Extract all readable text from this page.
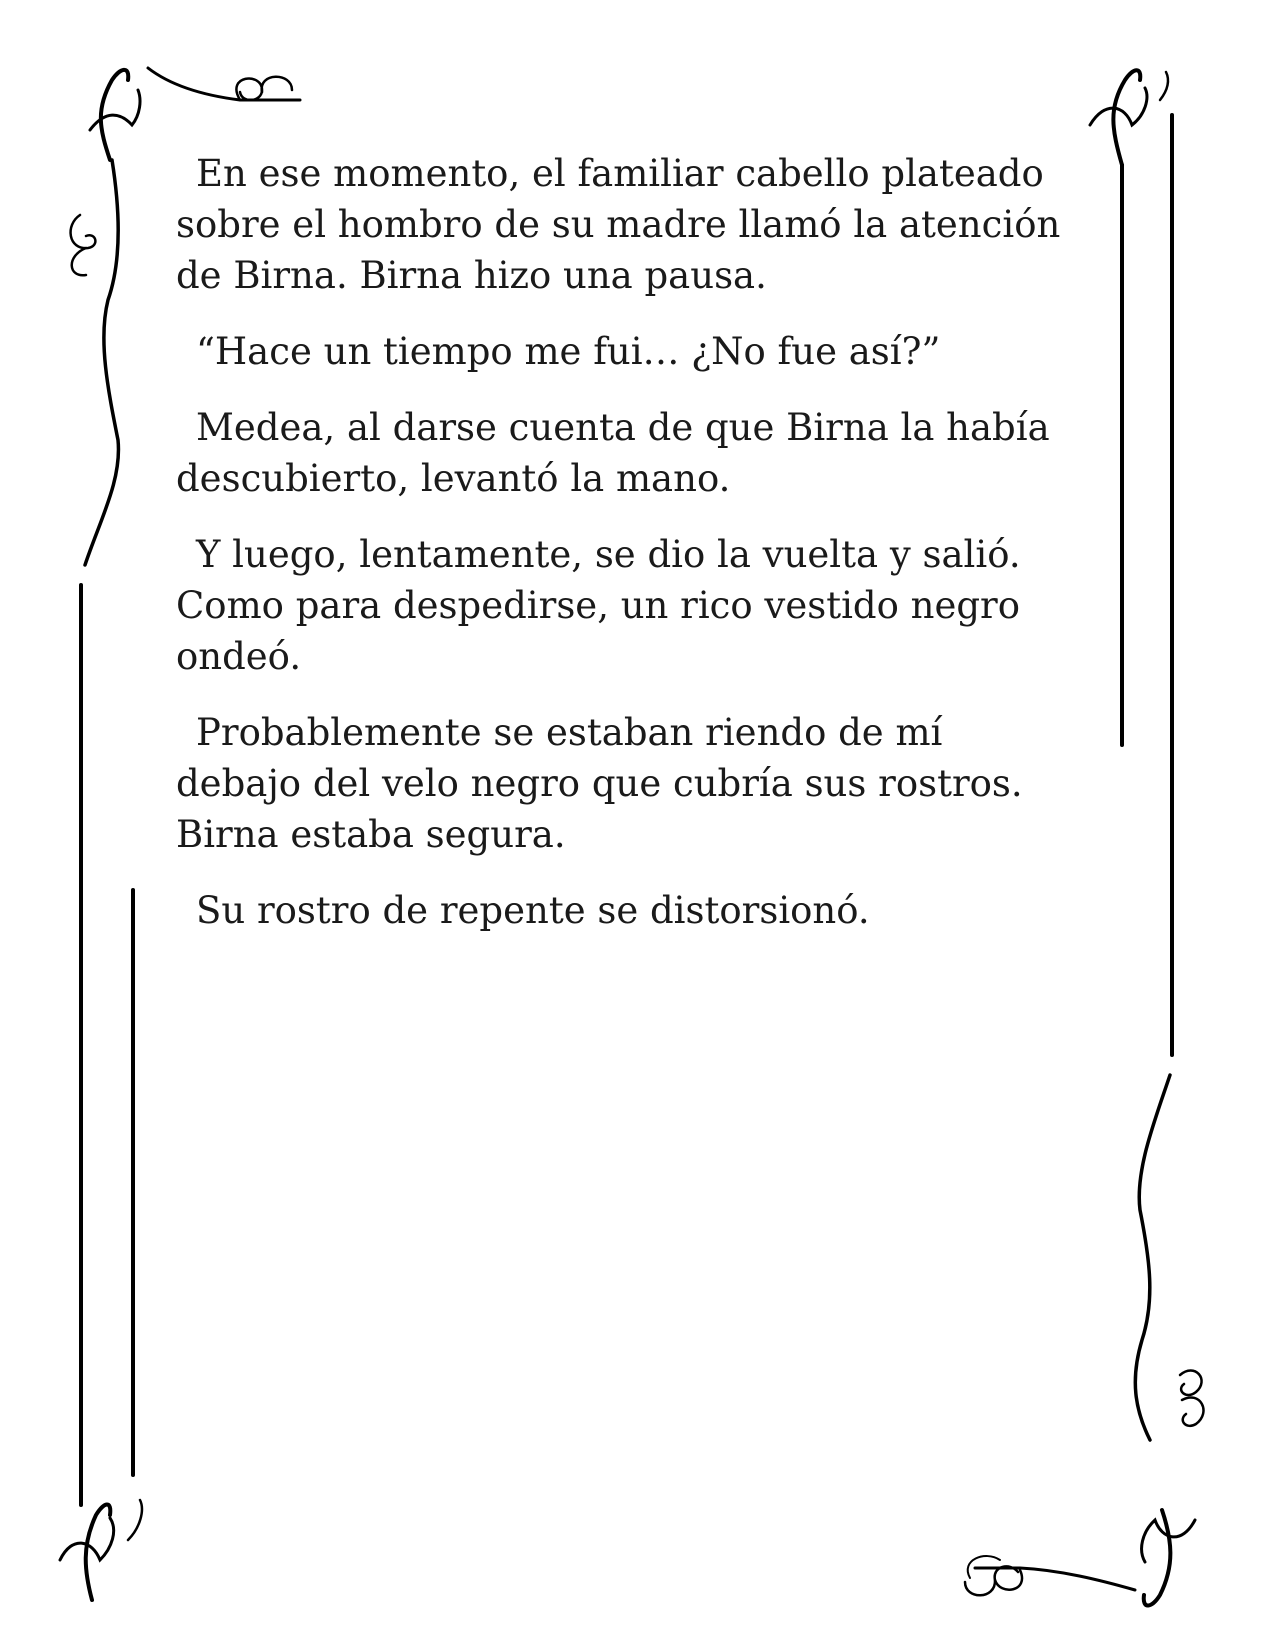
En ese momento, el familiar cabello plateado sobre el hombro de su madre llamó la atención de Birna. Birna hizo una pausa.

“Hace un tiempo me fui… ¿No fue así?”

Medea, al darse cuenta de que Birna la había descubierto, levantó la mano.

Y luego, lentamente, se dio la vuelta y salió. Como para despedirse, un rico vestido negro ondeó.

Probablemente se estaban riendo de mí debajo del velo negro que cubría sus rostros. Birna estaba segura.

Su rostro de repente se distorsionó.
